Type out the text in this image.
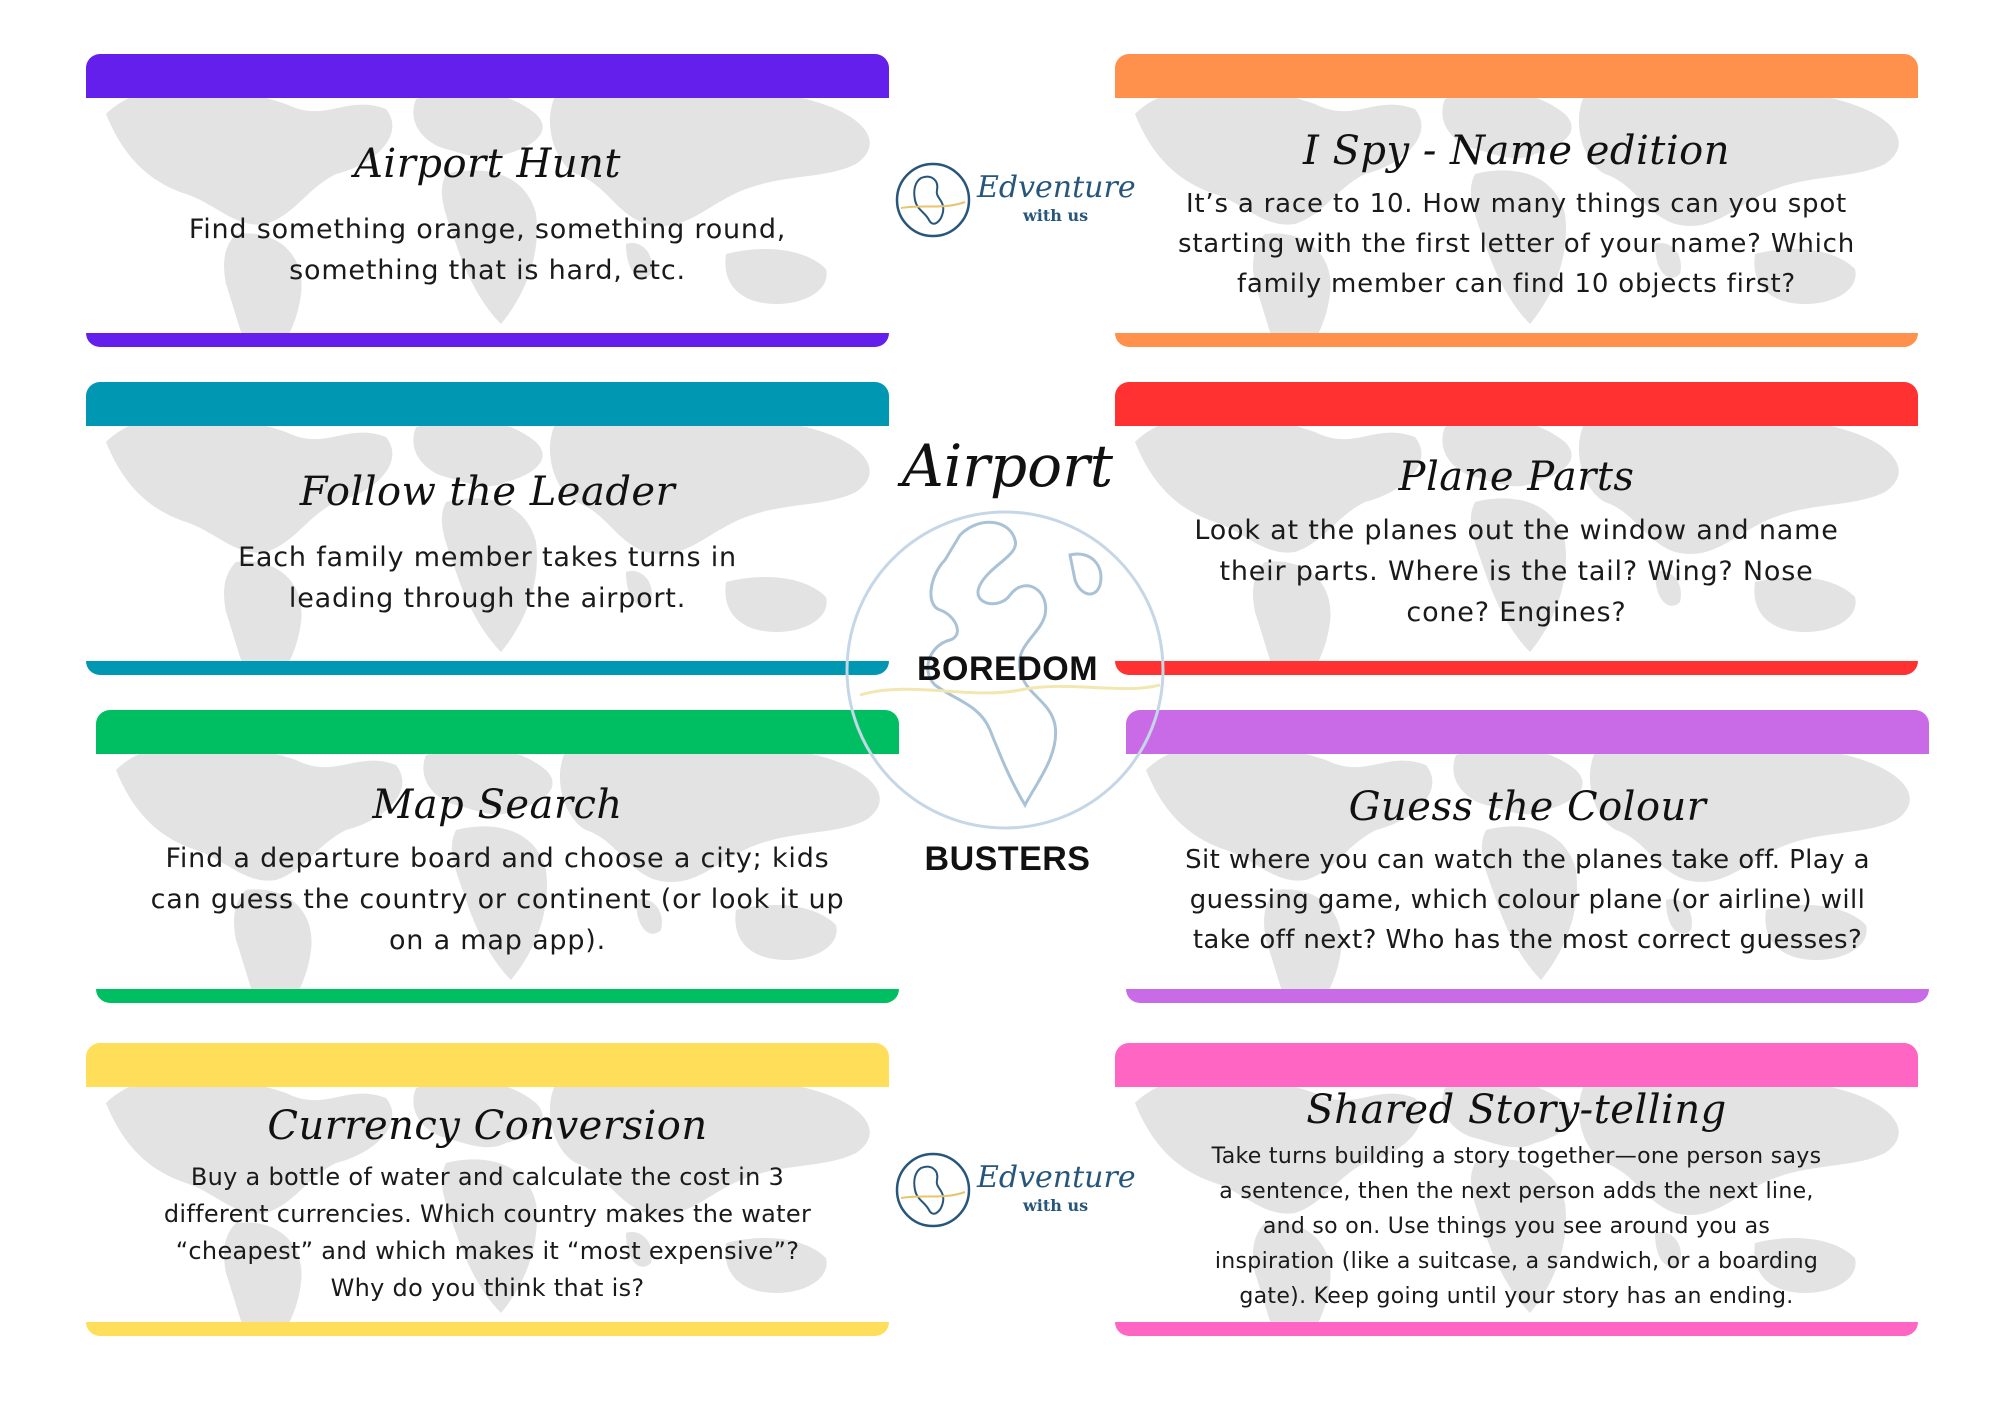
Airport Hunt
Find something orange, something round,
something that is hard, etc.
I Spy - Name edition
It’s a race to 10. How many things can you spot
starting with the first letter of your name? Which
family member can find 10 objects first?
Follow the Leader
Each family member takes turns in
leading through the airport.
Plane Parts
Look at the planes out the window and name
their parts. Where is the tail? Wing? Nose
cone? Engines?
Map Search
Find a departure board and choose a city; kids
can guess the country or continent (or look it up
on a map app).
Guess the Colour
Sit where you can watch the planes take off. Play a
guessing game, which colour plane (or airline) will
take off next? Who has the most correct guesses?
Currency Conversion
Buy a bottle of water and calculate the cost in 3
different currencies. Which country makes the water
“cheapest” and which makes it “most expensive”?
Why do you think that is?
Shared Story-telling
Take turns building a story together—one person says
a sentence, then the next person adds the next line,
and so on. Use things you see around you as
inspiration (like a suitcase, a sandwich, or a boarding
gate). Keep going until your story has an ending.
Airport
BOREDOM
BUSTERS
Edventure
with us
Edventure
with us
